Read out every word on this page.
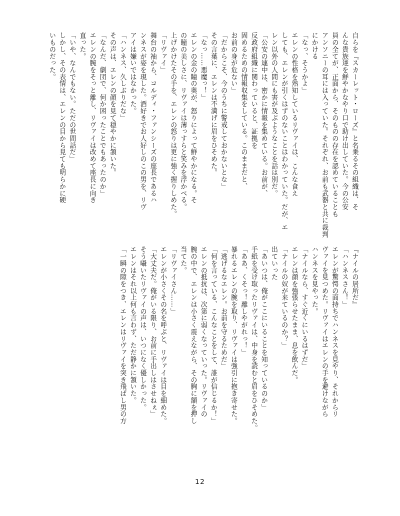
自らを『スカーレット・ローズ』と名乗るその組織は、そ

んな貴族達を鮮やかなやり口で助け出していた。今の公安

員の全てが、正面から、そのものの存在を認めていることも

アンソニーの耳には入っていた。それぞれ、お前も武器と共に裁判

にかける

「なっ、そうかよ」

エレンの性格を熟知しているリヴァイは、こんな食え

しても、エレンが引くはずのないことはわかっていた。だが、エ

レン以外の人間にも害が及ぶようなことを話は別だ。

「公安の連中は、密かに情報を集めている。お前が、

反政府組織に関わっていると、証拠を

固めるための情報収集をしている。このままだと、

お前の身が危ない」

「だからこそ、今のうちに警戒しておかないとな」

その言葉に、エレンは不満げに眉をひそめた。

「なっ……悪魔っ！」

エレンの金の瞳の奥が、怒りによって鮮やかになる。そ

の瞳の美しさに、リヴァイは薄っすらと笑みを浮かべる。

上げかけたその手を、エレンの怒りは更に強く握りしめた。

「リヴァイ」

舞台の袖から、コルディ・ファンシーズの座長であるハ

ンネスが姿を現した。酒好きでお人好しのこの男を、リヴ

アイは嫌いではなかった。

「ハンネス、久しぶりだな」

その声は、エレンの顔を見て穏やかに頷いた。

「なんだ、劇団で、何か困ったことでもあったのか」

エレンの腕をそっと離し、リヴァイは改めて座長に向き

直った。

「いや、なんでもない。ただの世間話だ」

しかし、その表情は、エレンの目から見ても明らかに硬

いものだった。

『ナイルの居所だ』

「ハンネスさん！」

エレンが驚愕の面持ちでハンネスを見やり、それからリ

ヴァイを見つめた。リヴァイはエレンの手を避けながら

ハンネスを見やった。

「ナイルなら、すぐ近くにいるはずだ」

エレンは顔を強張らせたまま、息を飲んだ。

「ナイルの奴が来ているのか？」

出ていった

「あいつは、俺がここにいることを知っているのか」

手紙を受け取ったリヴァイは、中身を読むと眉をひそめた。

「ああ、くそっ！離しやがれっ！」

暴れるエレンの腕を取り、リヴァイは強引に抱き寄せた。

「逃げるなエレン。お前を守るためだ」

「何を言っている、こんなことをして、誰が信じるか！」

エレンの抵抗は、次第に弱くなっていった。リヴァイの

腕の中で、エレンは小さく震えながら、その胸に額を押し

当てた。

「リヴァイさん……」

エレンが小さくその名を呼ぶと、リヴァイは目を細めた。

「大丈夫だ。俺がいる限り、お前に手出しはさせねぇ」

そう囁いたリヴァイの声は、いつになく優しかった。

エレンはそれ以上何も言わず、ただ静かに頷いた。

「一瞬の隙をつき、エレンはリヴァイを突き飛ばし男の方

12
